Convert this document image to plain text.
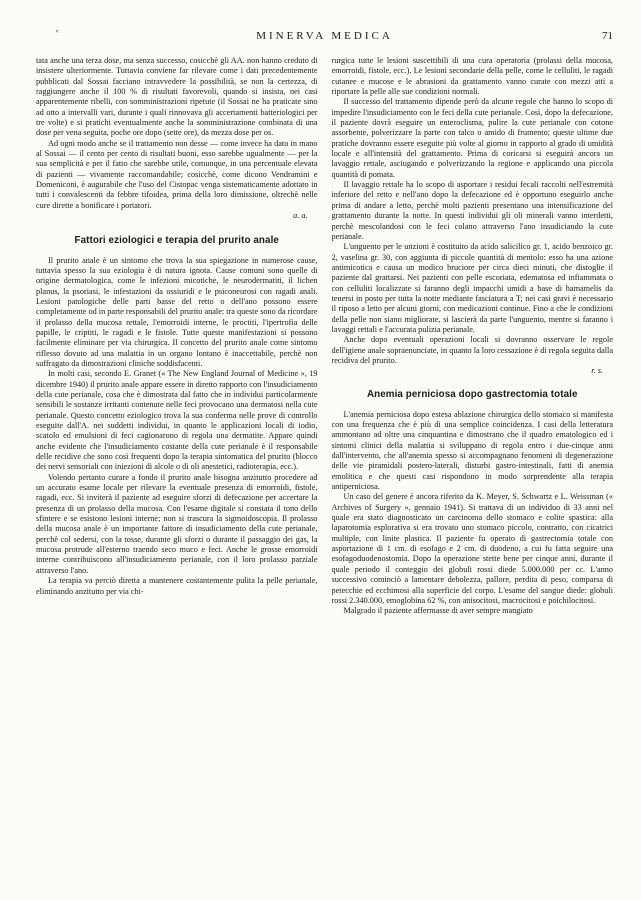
'	MINERVA MEDICA	71

tata anche una terza dose, ma senza successo, cosicchè gli AA. non hanno creduto di insistere ulteriormente. Tuttavia conviene far rilevare come i dati precedentemente pubblicati dal Sossai facciano intravvedere la possibilità, se non la certezza, di raggiungere anche il 100 % di risultati favorevoli, quando si insista, nei casi apparentemente ribelli, con somministrazioni ripetute (il Sossai ne ha praticate sino ad otto a intervalli vari, durante i quali rinnovava gli accertamenti batteriologici per tre volte) e si pratichi eventualmente anche la somministrazione combinata di una dose per vena seguita, poche ore dopo (sette ore), da mezza dose per os.

Ad ogni modo anche se il trattamento non desse — come invece ha dato in mano al Sossai — il cento per cento di risultati buoni, esso sarebbe ugualmente — per la sua semplicità e per il fatto che sarebbe utile, comunque, in una percentuale elevata di pazienti — vivamente raccomandabile; cosicchè, come dicono Vendramini e Domeniconi, è augurabile che l'uso del Cistopac venga sistematicamente adottato in tutti i convalescenti da febbre tifoidea, prima della loro dimissione, oltrechè nelle cure dirette a bonificare i portatori.

a. a.
Fattori eziologici e terapia del prurito anale

Il prurito anale è un sintomo che trova la sua spiegazione in numerose cause, tuttavia spesso la sua eziologia è di natura ignota. Cause comuni sono quelle di origine dermatologica, come le infezioni micotiche, le neurodermatiti, il lichen planus, la psoriasi, le infestazioni da ossiuridi e le psiconeurosi con ragadi anali. Lesioni patologiche delle parti basse del retto o dell'ano possono essere completamente od in parte responsabili del prurito anale: tra queste sono da ricordare il prolasso della mucosa rettale, l'emorroidi interne, le proctiti, l'ipertrofia delle papille, le criptiti, le ragadi e le fistole. Tutte queste manifestazioni si possono facilmente eliminare per via chirurgica. Il concetto del prurito anale come sintomo riflesso dovuto ad una malattia in un organo lontano è inaccettabile, perchè non suffragato da dimostrazioni cliniche soddisfacenti.

In molti casi, secondo E. Granet (« The New England Journal of Medicine », 19 dicembre 1940) il prurito anale appare essere in diretto rapporto con l'insudiciamento della cute perianale, cosa che è dimostrata dal fatto che in individui particolarmente sensibili le sostanze irritanti contenute nelle feci provocano una dermatosi nella cute perianale. Questo concetto eziologico trova la sua conferma nelle prove di controllo eseguite dall'A. nei suddetti individui, in quanto le applicazioni locali di iodio, scatolo ed emulsioni di feci cagionarono di regola una dermatite. Appare quindi anche evidente che l'insudiciamento costante della cute perianale è il responsabile delle recidive che sono così frequenti dopo la terapia sintomatica del prurito (blocco dei nervi sensoriali con iniezioni di alcole o di oli anestetici, radioterapia, ecc.).

Volendo pertanto curare a fondo il prurito anale bisogna anzitutto procedere ad un accurato esame locale per rilevare la eventuale presenza di emorroidi, fistole, ragadi, ecc. Si inviterà il paziente ad eseguire sforzi di defecazione per accertare la presenza di un prolasso della mucosa. Con l'esame digitale si constata il tono dello sfintere e se esistono lesioni interne; non si trascura la sigmoidoscopia. Il prolasso della mucosa anale è un importante fattore di insudiciamento della cute perianale, perchè col sedersi, con la tosse, durante gli sforzi o durante il passaggio dei gas, la mucosa protrude all'esterno traendo seco muco e feci. Anche le grosse emorroidi interne contribuiscono all'insudiciamento perianale, con il loro prolasso parziale attraverso l'ano.

La terapia va perciò diretta a mantenere costantemente pulita la pelle perianale, eliminando anzitutto per via chi-

rurgica tutte le lesioni suscettibili di una cura operatoria (prolassi della mucosa, emorroidi, fistole, ecc.). Le lesioni secondarie della pelle, come le celluliti, le ragadi cutanee e mucose e le abrasioni da grattamento vanno curate con mezzi atti a riportare la pelle alle sue condizioni normali.

Il successo del trattamento dipende però da alcune regole che hanno lo scopo di impedire l'insudiciamento con le feci della cute perianale. Così, dopo la defecazione, il paziente dovrà eseguire un enteroclisma, pulire la cute perianale con cotone assorbente, polverizzare la parte con talco o amido di frumento; queste ultime due pratiche dovranno essere eseguite più volte al giorno in rapporto al grado di umidità locale e all'intensità del grattamento. Prima di coricarsi si eseguirà ancora un lavaggio rettale, asciugando e polverizzando la regione e applicando una piccola quantità di pomata.

Il lavaggio rettale ha lo scopo di asportare i residui fecali raccolti nell'estremità inferiore del retto e nell'ano dopo la defecazione ed è opportuno eseguirlo anche prima di andare a letto, perchè molti pazienti presentano una intensificazione del grattamento durante la notte. In questi individui gli oli minerali vanno interdetti, perchè mescolandosi con le feci colano attraverso l'ano insudiciando la cute perianale.

L'unguento per le unzioni è costituito da acido salicilico gr. 1, acido benzoico gr. 2, vaselina gr. 30, con aggiunta di piccole quantità di mentolo: esso ha una azione antimicotica e causa un modico bruciore per circa dieci minuti, che distoglie il paziente dal grattarsi. Nei pazienti con pelle escoriata, edematosa ed infiammata o con celluliti localizzate si faranno degli impacchi umidi a base di hamamelis da tenersi in posto per tutta la notte mediante fasciatura a T; nei casi gravi è necessario il riposo a letto per alcuni giorni, con medicazioni continue. Fino a che le condizioni della pelle non siano migliorate, si lascierà da parte l'unguento, mentre si faranno i lavaggi rettali e l'accurata pulizia perianale.

Anche dopo eventuali operazioni locali si dovranno osservare le regole dell'igiene anale sopraenunciate, in quanto la loro cessazione è di regola seguita dalla recidiva del prurito.

r. s.
Anemia perniciosa dopo gastrectomia totale

L'anemia perniciosa dopo estesa ablazione chirurgica dello stomaco si manifesta con una frequenza che è più di una semplice coincidenza. I casi della letteratura ammontano ad oltre una cinquantina e dimostrano che il quadro ematologico ed i sintomi clinici della malattia si sviluppano di regola entro i due-cinque anni dall'intervento, che all'anemia spesso si accompagnano fenomeni di degenerazione delle vie piramidali postero-laterali, disturbi gastro-intestinali, fatti di anemia emolitica e che questi casi rispondono in modo sorprendente alla terapia antiperniciosa.

Un caso del genere è ancora riferito da K. Meyer, S. Schwartz e L. Weissman (« Archives of Surgery », gennaio 1941). Si trattava di un individuo di 33 anni nel quale era stato diagnosticato un carcinoma dello stomaco e colite spastica: alla laparotomia esplorativa si era trovato uno stomaco piccolo, contratto, con cicatrici multiple, con linite plastica. Il paziente fu operato di gastrectomia totale con asportazione di 1 cm. di esofago e 2 cm. di duodeno, a cui fu fatta seguire una esofagoduodenostomia. Dopo la operazione stette bene per cinque anni, durante il quale periodo il conteggio dei globuli rossi diede 5.000.000 per cc. L'anno successivo cominciò a lamentare debolezza, pallore, perdita di peso, comparsa di petecchie ed ecchimosi alla superficie del corpo. L'esame del sangue diede: globuli rossi 2.340.000, emoglobina 62 %, con anisocitosi, macrocitosi e poichilocitosi.

Malgrado il paziente affermasse di aver sempre mangiato
